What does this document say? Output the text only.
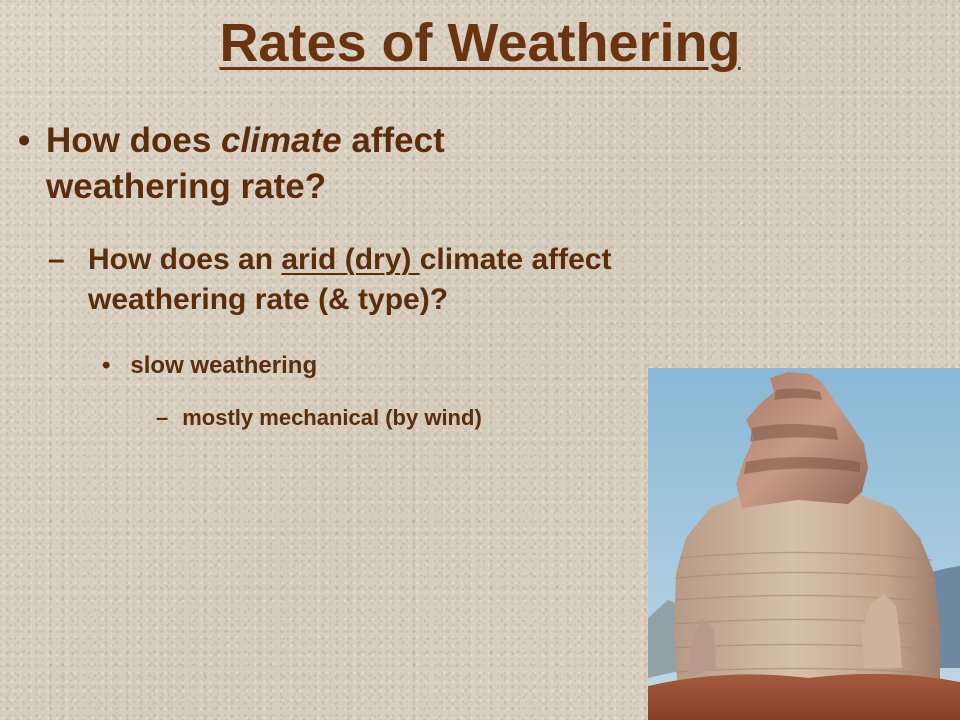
Rates of Weathering
• How does climate affect weathering rate?
– How does an arid (dry) climate affect weathering rate (& type)?
• slow weathering
– mostly mechanical (by wind)
